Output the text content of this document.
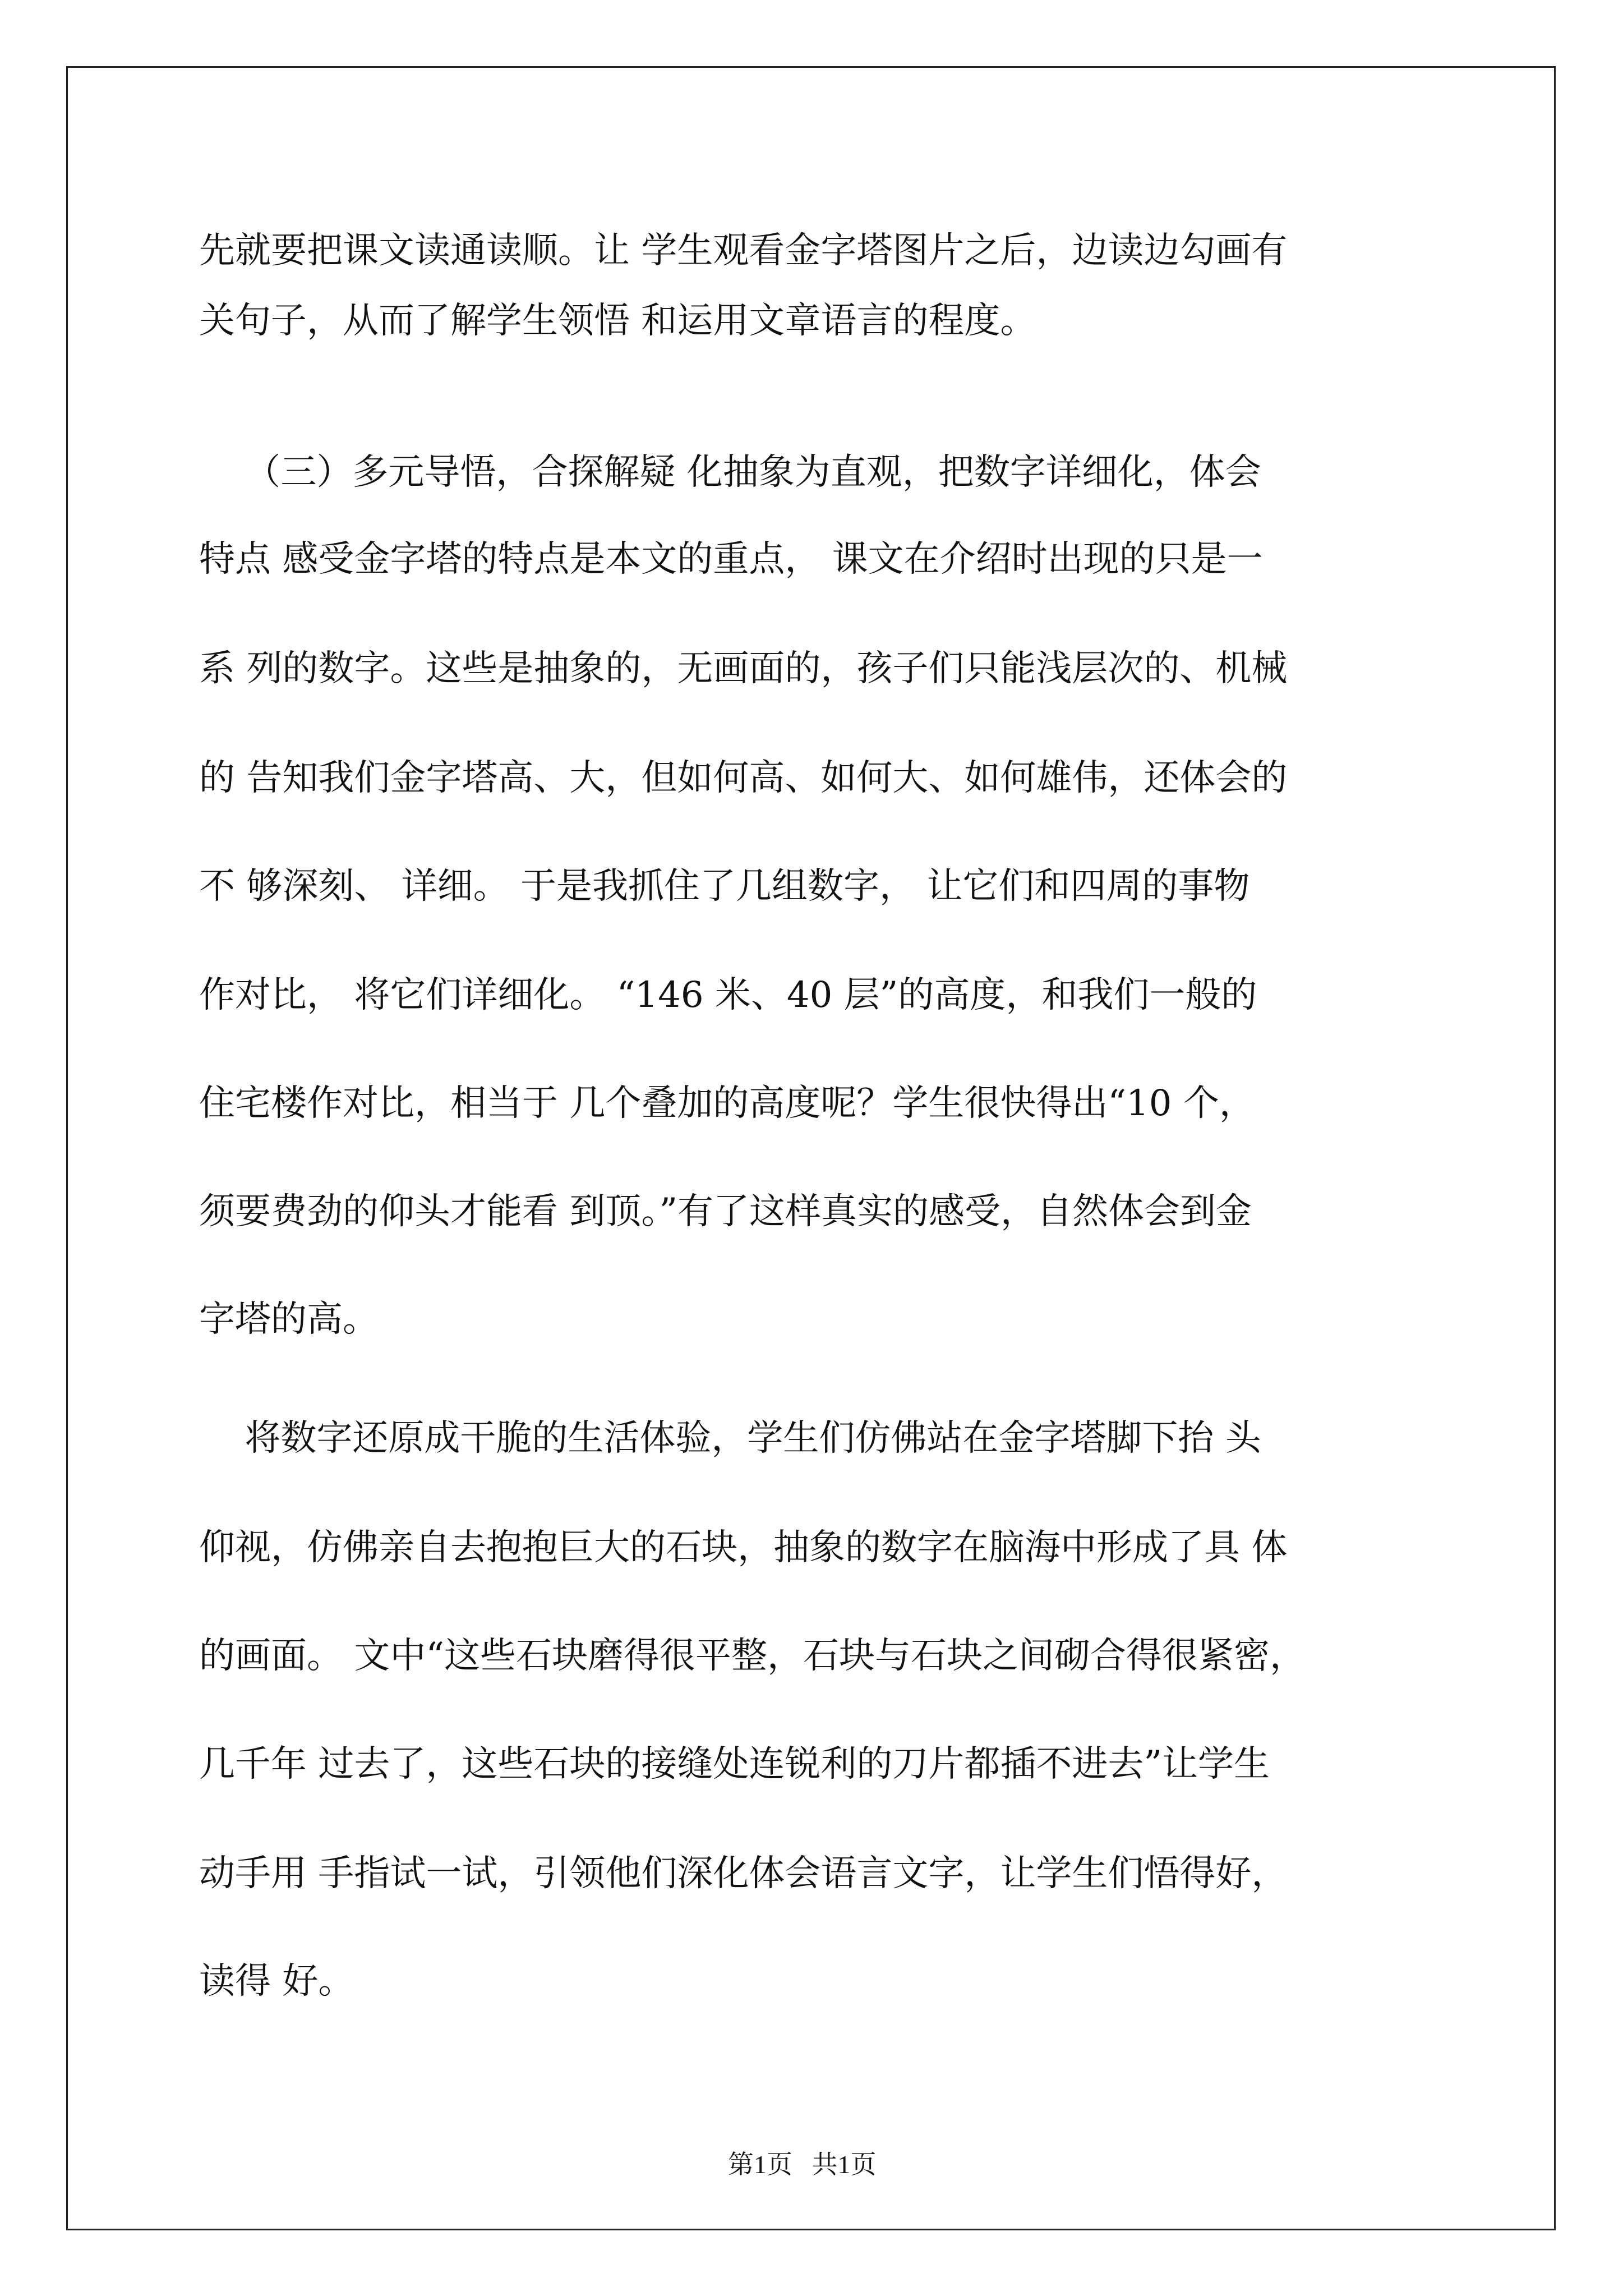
先就要把课文读通读顺。让 学生观看金字塔图片之后，边读边勾画有
关句子，从而了解学生领悟 和运用文章语言的程度。
（三）多元导悟，合探解疑 化抽象为直观，把数字详细化，体会
特点 感受金字塔的特点是本文的重点， 课文在介绍时出现的只是一
系 列的数字。这些是抽象的，无画面的，孩子们只能浅层次的、机械
的 告知我们金字塔高、大，但如何高、如何大、如何雄伟，还体会的
不 够深刻、 详细。 于是我抓住了几组数字， 让它们和四周的事物
作对比， 将它们详细化。 “146 米、40 层”的高度，和我们一般的
住宅楼作对比，相当于 几个叠加的高度呢？学生很快得出“10 个，
须要费劲的仰头才能看 到顶。”有了这样真实的感受，自然体会到金
字塔的高。
将数字还原成干脆的生活体验，学生们仿佛站在金字塔脚下抬 头
仰视，仿佛亲自去抱抱巨大的石块，抽象的数字在脑海中形成了具 体
的画面。 文中“这些石块磨得很平整，石块与石块之间砌合得很紧密，
几千年 过去了，这些石块的接缝处连锐利的刀片都插不进去”让学生
动手用 手指试一试，引领他们深化体会语言文字，让学生们悟得好，
读得 好。
第1页   共1页
